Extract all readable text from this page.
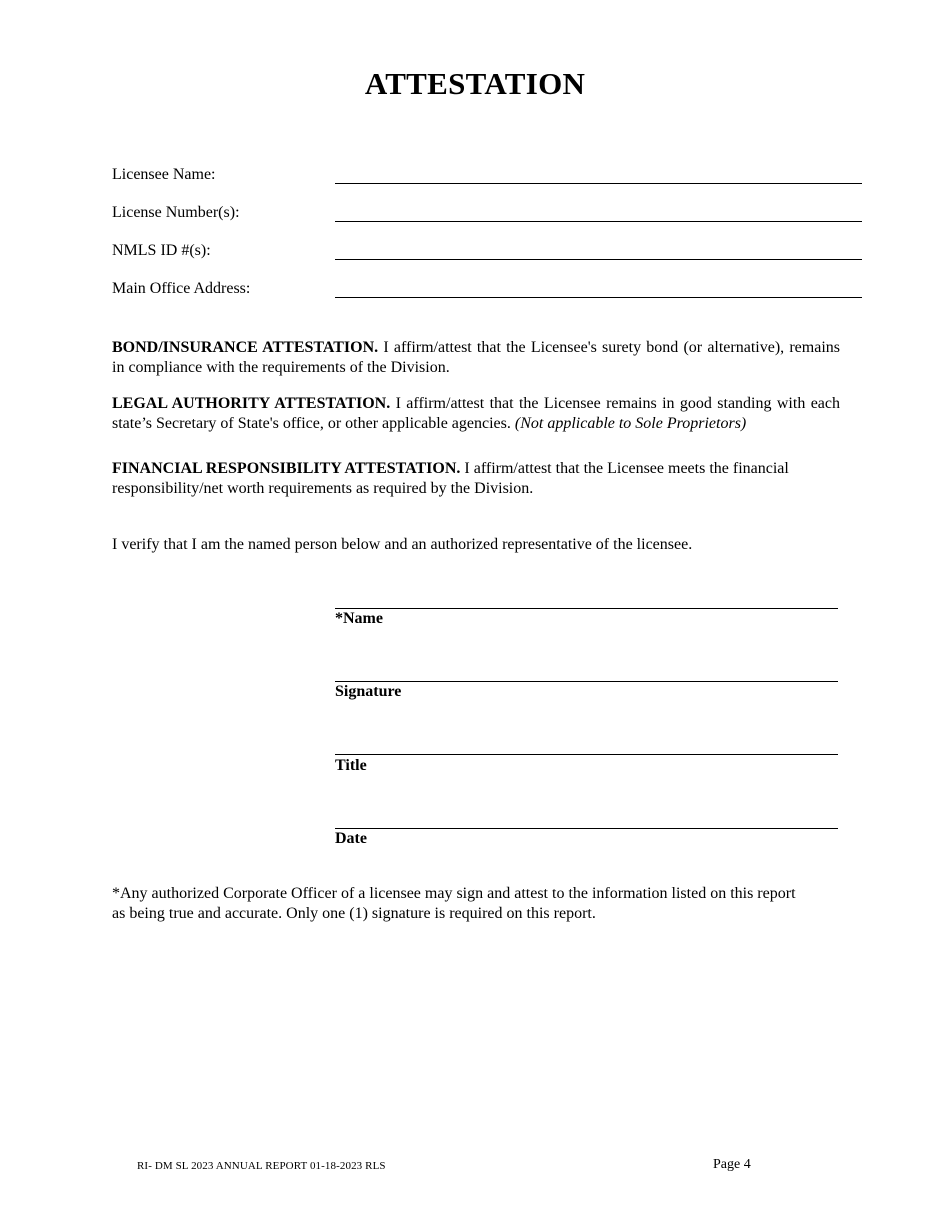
ATTESTATION
Licensee Name:
License Number(s):
NMLS ID #(s):
Main Office Address:
BOND/INSURANCE ATTESTATION. I affirm/attest that the Licensee's surety bond (or alternative), remains in compliance with the requirements of the Division.
LEGAL AUTHORITY ATTESTATION. I affirm/attest that the Licensee remains in good standing with each state’s Secretary of State's office, or other applicable agencies. (Not applicable to Sole Proprietors)
FINANCIAL RESPONSIBILITY ATTESTATION. I affirm/attest that the Licensee meets the financial responsibility/net worth requirements as required by the Division.
I verify that I am the named person below and an authorized representative of the licensee.
*Name
Signature
Title
Date
*Any authorized Corporate Officer of a licensee may sign and attest to the information listed on this report as being true and accurate. Only one (1) signature is required on this report.
RI- DM SL 2023 ANNUAL REPORT 01-18-2023 RLS	Page 4
